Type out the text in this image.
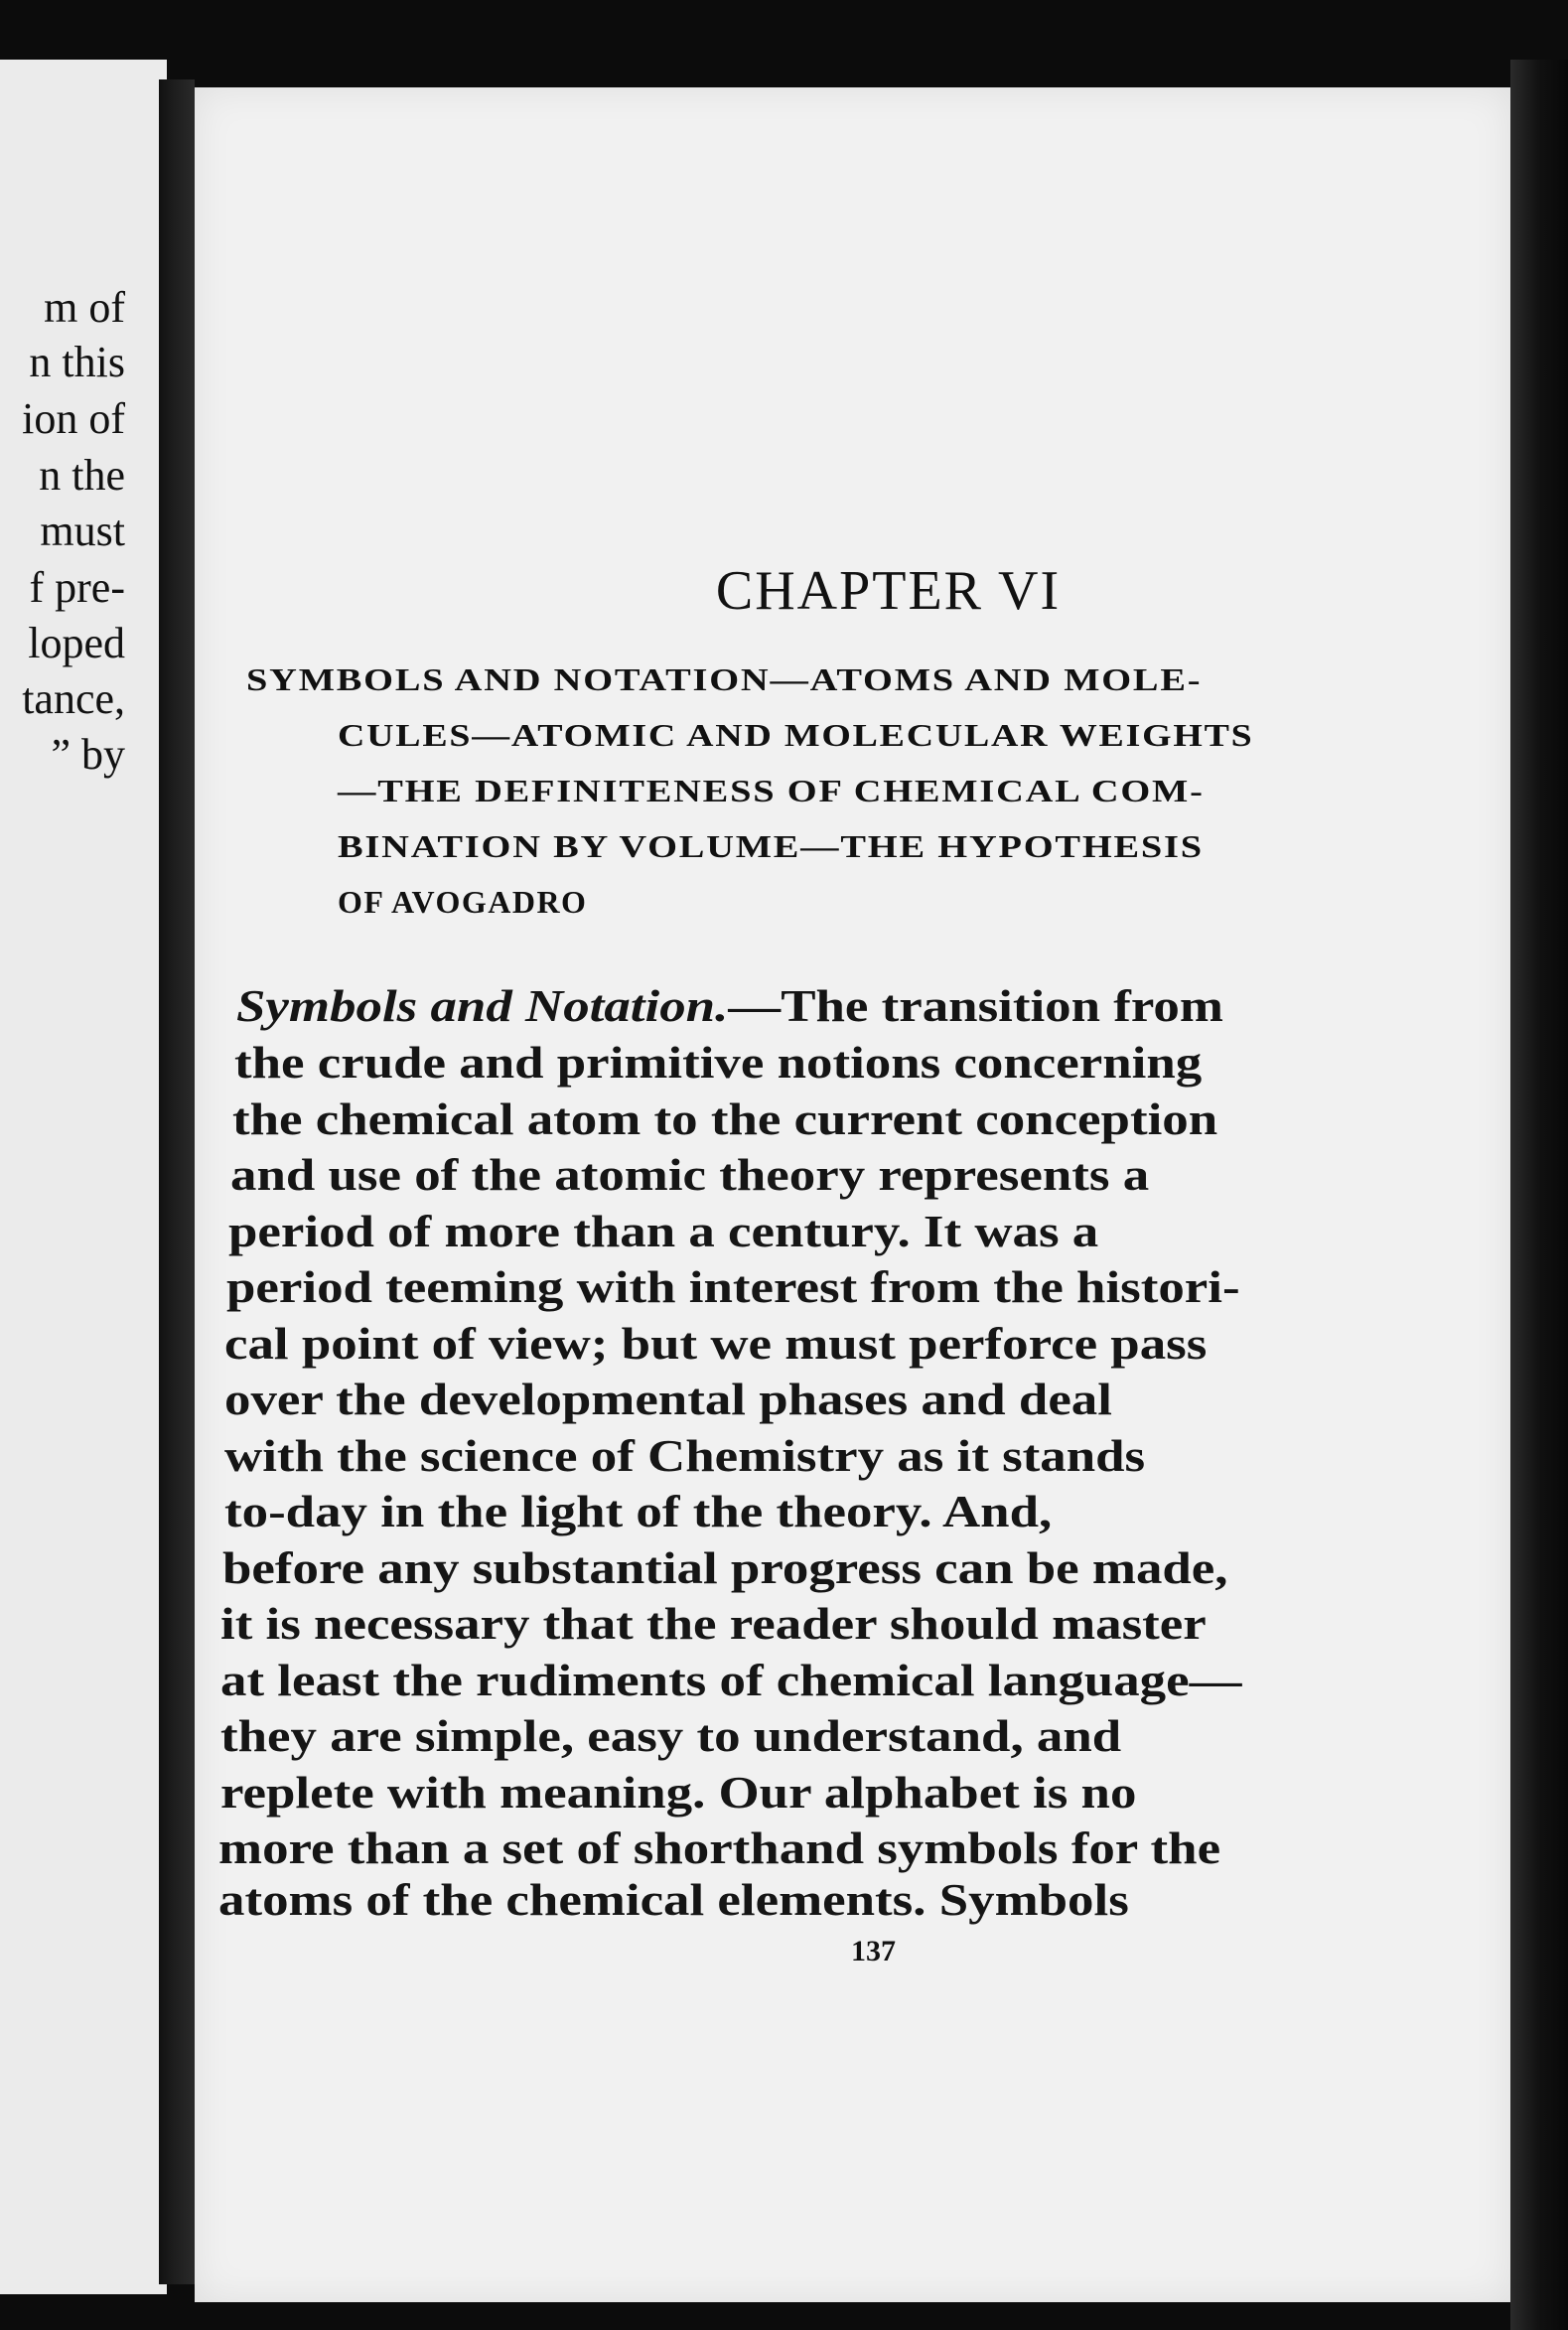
m of
n this
ion of
n the
must
f pre-
loped
tance,
” by
CHAPTER VI
SYMBOLS AND NOTATION—ATOMS AND MOLE-
CULES—ATOMIC AND MOLECULAR WEIGHTS
—THE DEFINITENESS OF CHEMICAL COM-
BINATION BY VOLUME—THE HYPOTHESIS
OF AVOGADRO
Symbols and Notation. —The transition from
the crude and primitive notions concerning
the chemical atom to the current conception
and use of the atomic theory represents a
period of more than a century. It was a
period teeming with interest from the histori-
cal point of view; but we must perforce pass
over the developmental phases and deal
with the science of Chemistry as it stands
to-day in the light of the theory. And,
before any substantial progress can be made,
it is necessary that the reader should master
at least the rudiments of chemical language—
they are simple, easy to understand, and
replete with meaning. Our alphabet is no
more than a set of shorthand symbols for the
atoms of the chemical elements. Symbols
137
